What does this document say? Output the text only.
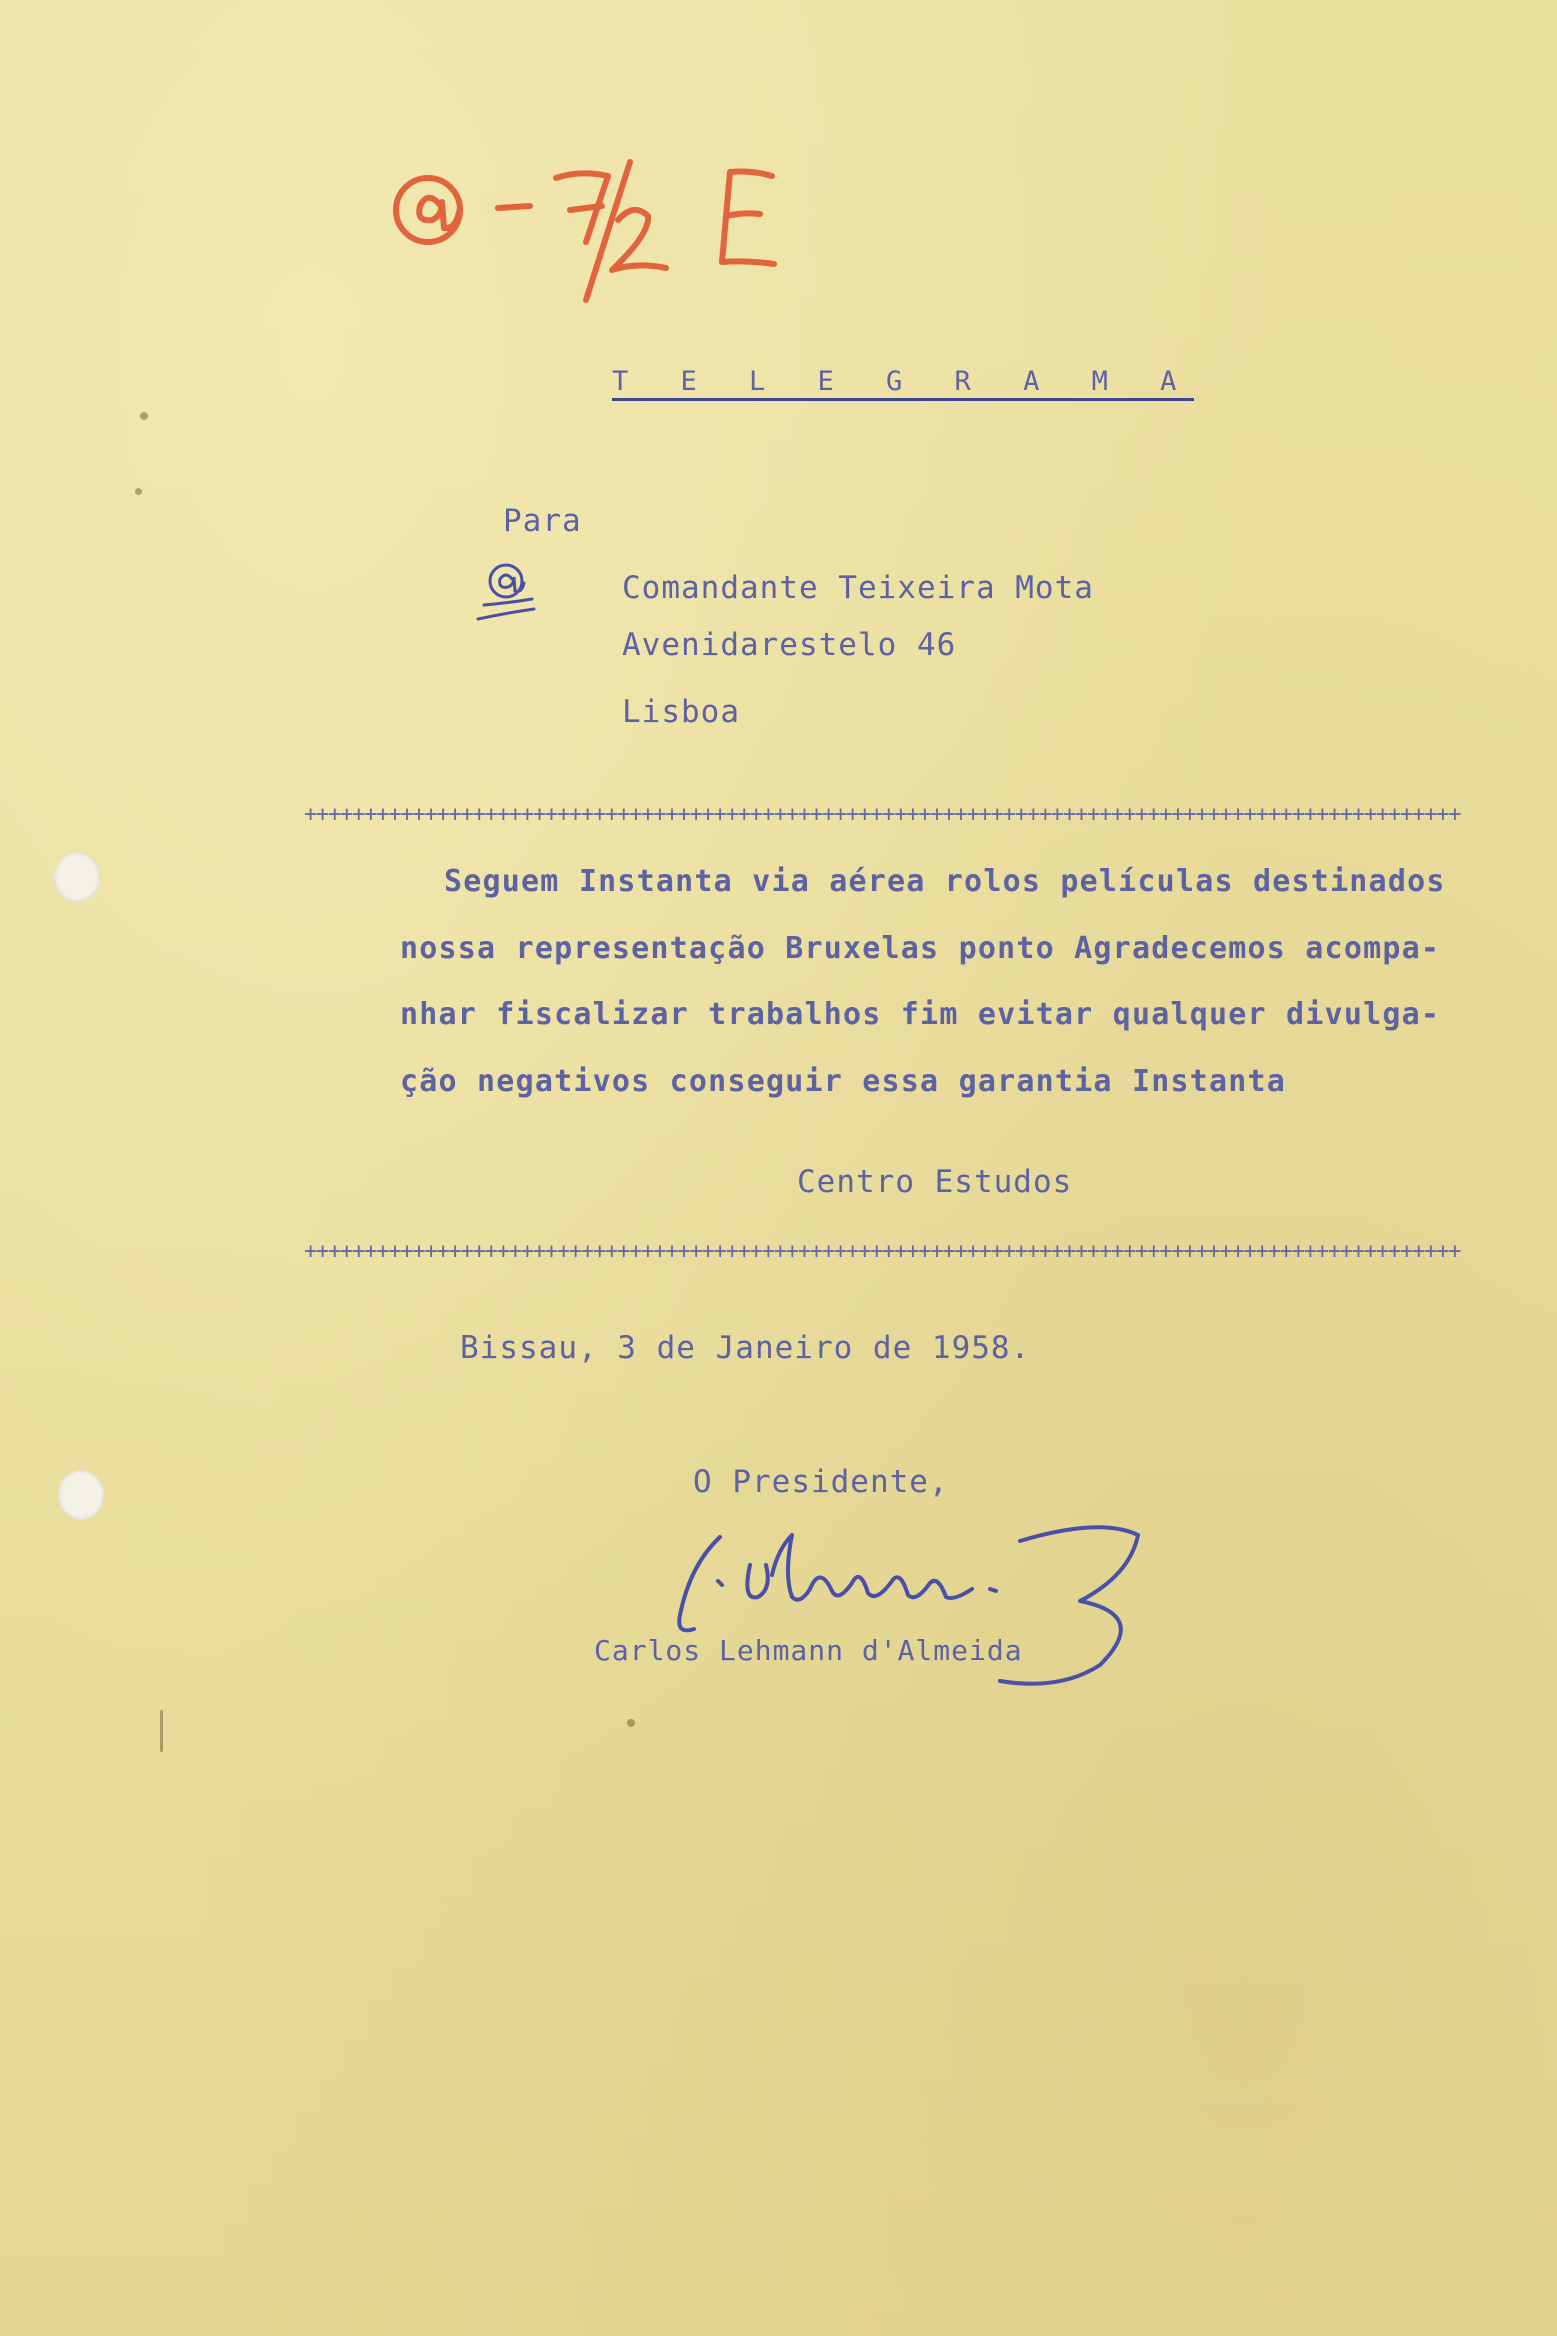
T E L E G R A M A
Para
Comandante Teixeira Mota
Avenidarestelo 46
Lisboa
++++++++++++++++++++++++++++++++++++++++++++++++++++++++++++++++++++++++++++++++++++++++++++++++
Seguem Instanta via aérea rolos películas destinados
nossa representação Bruxelas ponto Agradecemos acompa-
nhar fiscalizar trabalhos fim evitar qualquer divulga-
ção negativos conseguir essa garantia Instanta
Centro Estudos
++++++++++++++++++++++++++++++++++++++++++++++++++++++++++++++++++++++++++++++++++++++++++++++++
Bissau, 3 de Janeiro de 1958.
O Presidente,
Carlos Lehmann d'Almeida
